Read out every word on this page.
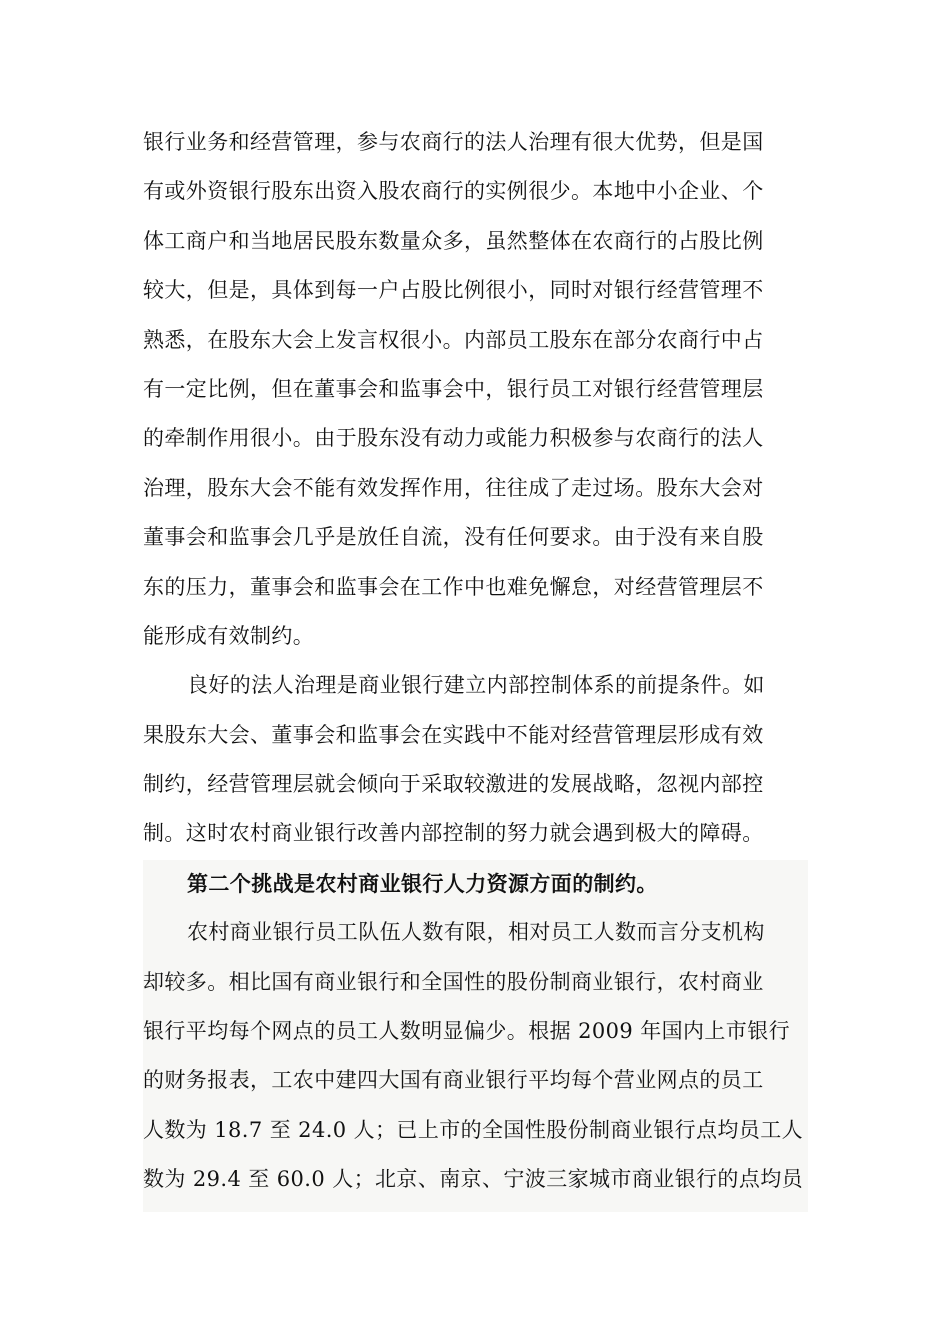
银行业务和经营管理，参与农商行的法人治理有很大优势，但是国
有或外资银行股东出资入股农商行的实例很少。本地中小企业、个
体工商户和当地居民股东数量众多，虽然整体在农商行的占股比例
较大，但是，具体到每一户占股比例很小，同时对银行经营管理不
熟悉，在股东大会上发言权很小。内部员工股东在部分农商行中占
有一定比例，但在董事会和监事会中，银行员工对银行经营管理层
的牵制作用很小。由于股东没有动力或能力积极参与农商行的法人
治理，股东大会不能有效发挥作用，往往成了走过场。股东大会对
董事会和监事会几乎是放任自流，没有任何要求。由于没有来自股
东的压力，董事会和监事会在工作中也难免懈怠，对经营管理层不
能形成有效制约。
良好的法人治理是商业银行建立内部控制体系的前提条件。如
果股东大会、董事会和监事会在实践中不能对经营管理层形成有效
制约，经营管理层就会倾向于采取较激进的发展战略，忽视内部控
制。这时农村商业银行改善内部控制的努力就会遇到极大的障碍。
第二个挑战是农村商业银行人力资源方面的制约。
农村商业银行员工队伍人数有限，相对员工人数而言分支机构
却较多。相比国有商业银行和全国性的股份制商业银行，农村商业
银行平均每个网点的员工人数明显偏少。根据 2009 年国内上市银行
的财务报表，工农中建四大国有商业银行平均每个营业网点的员工
人数为 18.7 至 24.0 人；已上市的全国性股份制商业银行点均员工人
数为 29.4 至 60.0 人；北京、南京、宁波三家城市商业银行的点均员
